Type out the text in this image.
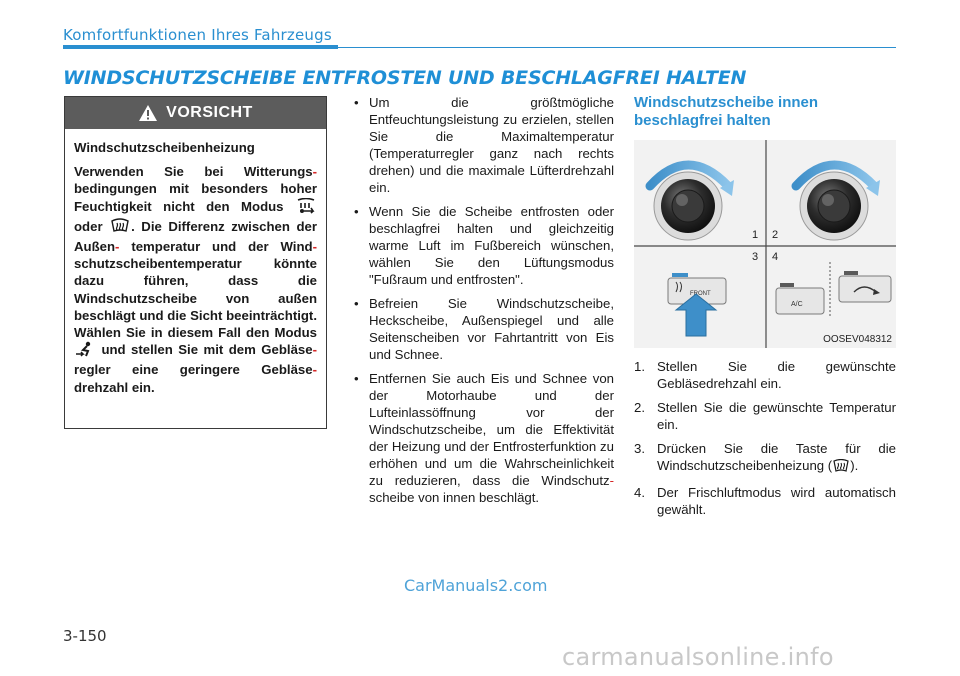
Komfortfunktionen Ihres Fahrzeugs
WINDSCHUTZSCHEIBE ENTFROSTEN UND BESCHLAGFREI HALTEN
VORSICHT
Windschutzscheibenheizung
Verwenden Sie bei Witterungs- bedingungen mit besonders hoher Feuchtigkeit nicht den Modus  oder . Die Differenz zwischen der Außen- temperatur und der Wind- schutzscheibentemperatur könnte dazu führen, dass die Windschutzscheibe von außen beschlägt und die Sicht beeinträchtigt. Wählen Sie in diesem Fall den Modus  und stellen Sie mit dem Gebläse- regler eine geringere Gebläse- drehzahl ein.
• Um die größtmögliche Entfeuchtungsleistung zu erzielen, stellen Sie die Maximaltemperatur (Temperaturregler ganz nach rechts drehen) und die maximale Lüfterdrehzahl ein.
• Wenn Sie die Scheibe entfrosten oder beschlagfrei halten und gleichzeitig warme Luft im Fußbereich wünschen, wählen Sie den Lüftungsmodus "Fußraum und entfrosten".
• Befreien Sie Windschutzscheibe, Heckscheibe, Außenspiegel und alle Seitenscheiben vor Fahrtantritt von Eis und Schnee.
• Entfernen Sie auch Eis und Schnee von der Motorhaube und der Lufteinlassöffnung vor der Windschutzscheibe, um die Effektivität der Heizung und der Entfrosterfunktion zu erhöhen und um die Wahrscheinlichkeit zu reduzieren, dass die Windschutz- scheibe von innen beschlägt.
Windschutzscheibe innen beschlagfrei halten
1 2
3 4
FRONT
A/C
OOSEV048312
1. Stellen Sie die gewünschte Gebläsedrehzahl ein.
2. Stellen Sie die gewünschte Temperatur ein.
3. Drücken Sie die Taste für die Windschutzscheibenheizung ( ).
4. Der Frischluftmodus wird automatisch gewählt.
CarManuals2.com
3-150
carmanualsonline.info
